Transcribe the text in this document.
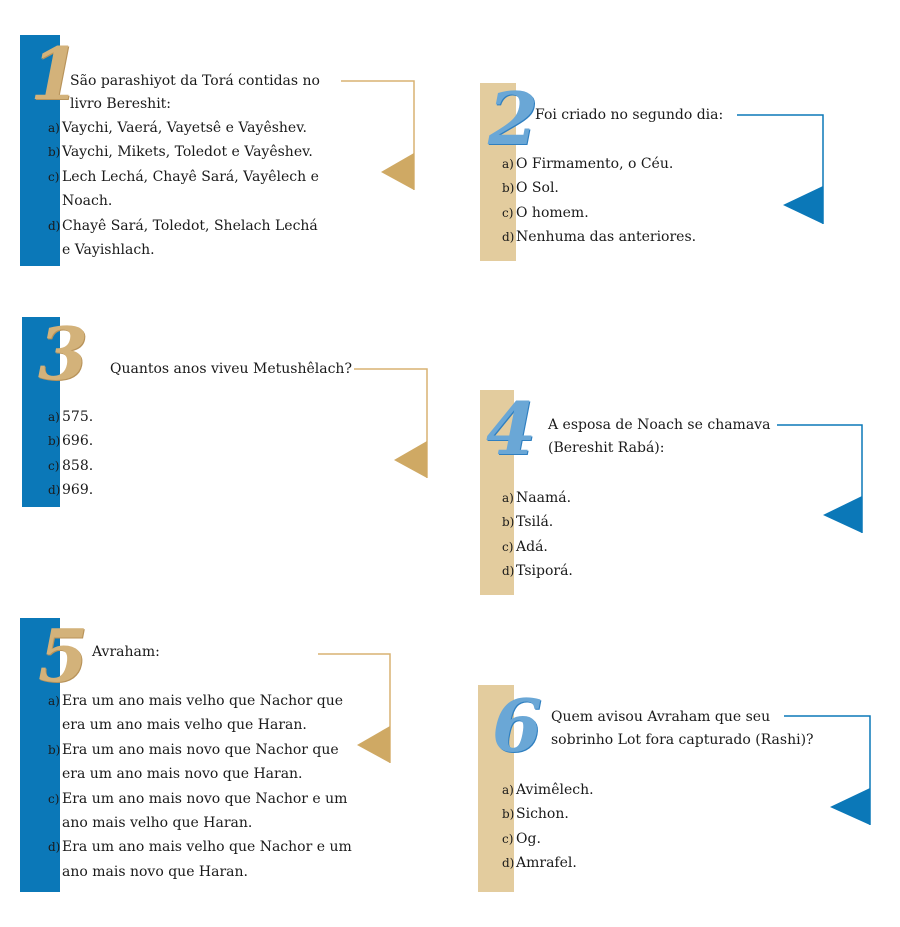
1
São parashiyot da Torá contidas no
livro Bereshit:
a) Vaychi, Vaerá, Vayetsê e Vayêshev.
b) Vaychi, Mikets, Toledot e Vayêshev.
c) Lech Lechá, Chayê Sará, Vayêlech e
Noach.
d) Chayê Sará, Toledot, Shelach Lechá
e Vayishlach.
2
Foi criado no segundo dia:
a) O Firmamento, o Céu.
b) O Sol.
c) O homem.
d) Nenhuma das anteriores.
3 Quantos anos viveu Metushêlach?
a) 575.
b) 696.
c) 858.
d) 969.
4 A esposa de Noach se chamava
(Bereshit Rabá):
a) Naamá.
b) Tsilá.
c) Adá.
d) Tsiporá.
5 Avraham:
a) Era um ano mais velho que Nachor que
era um ano mais velho que Haran.
b) Era um ano mais novo que Nachor que
era um ano mais novo que Haran.
c) Era um ano mais novo que Nachor e um
ano mais velho que Haran.
d) Era um ano mais velho que Nachor e um
ano mais novo que Haran.
6 Quem avisou Avraham que seu
sobrinho Lot fora capturado (Rashi)?
a) Avimêlech.
b) Sichon.
c) Og.
d) Amrafel.
